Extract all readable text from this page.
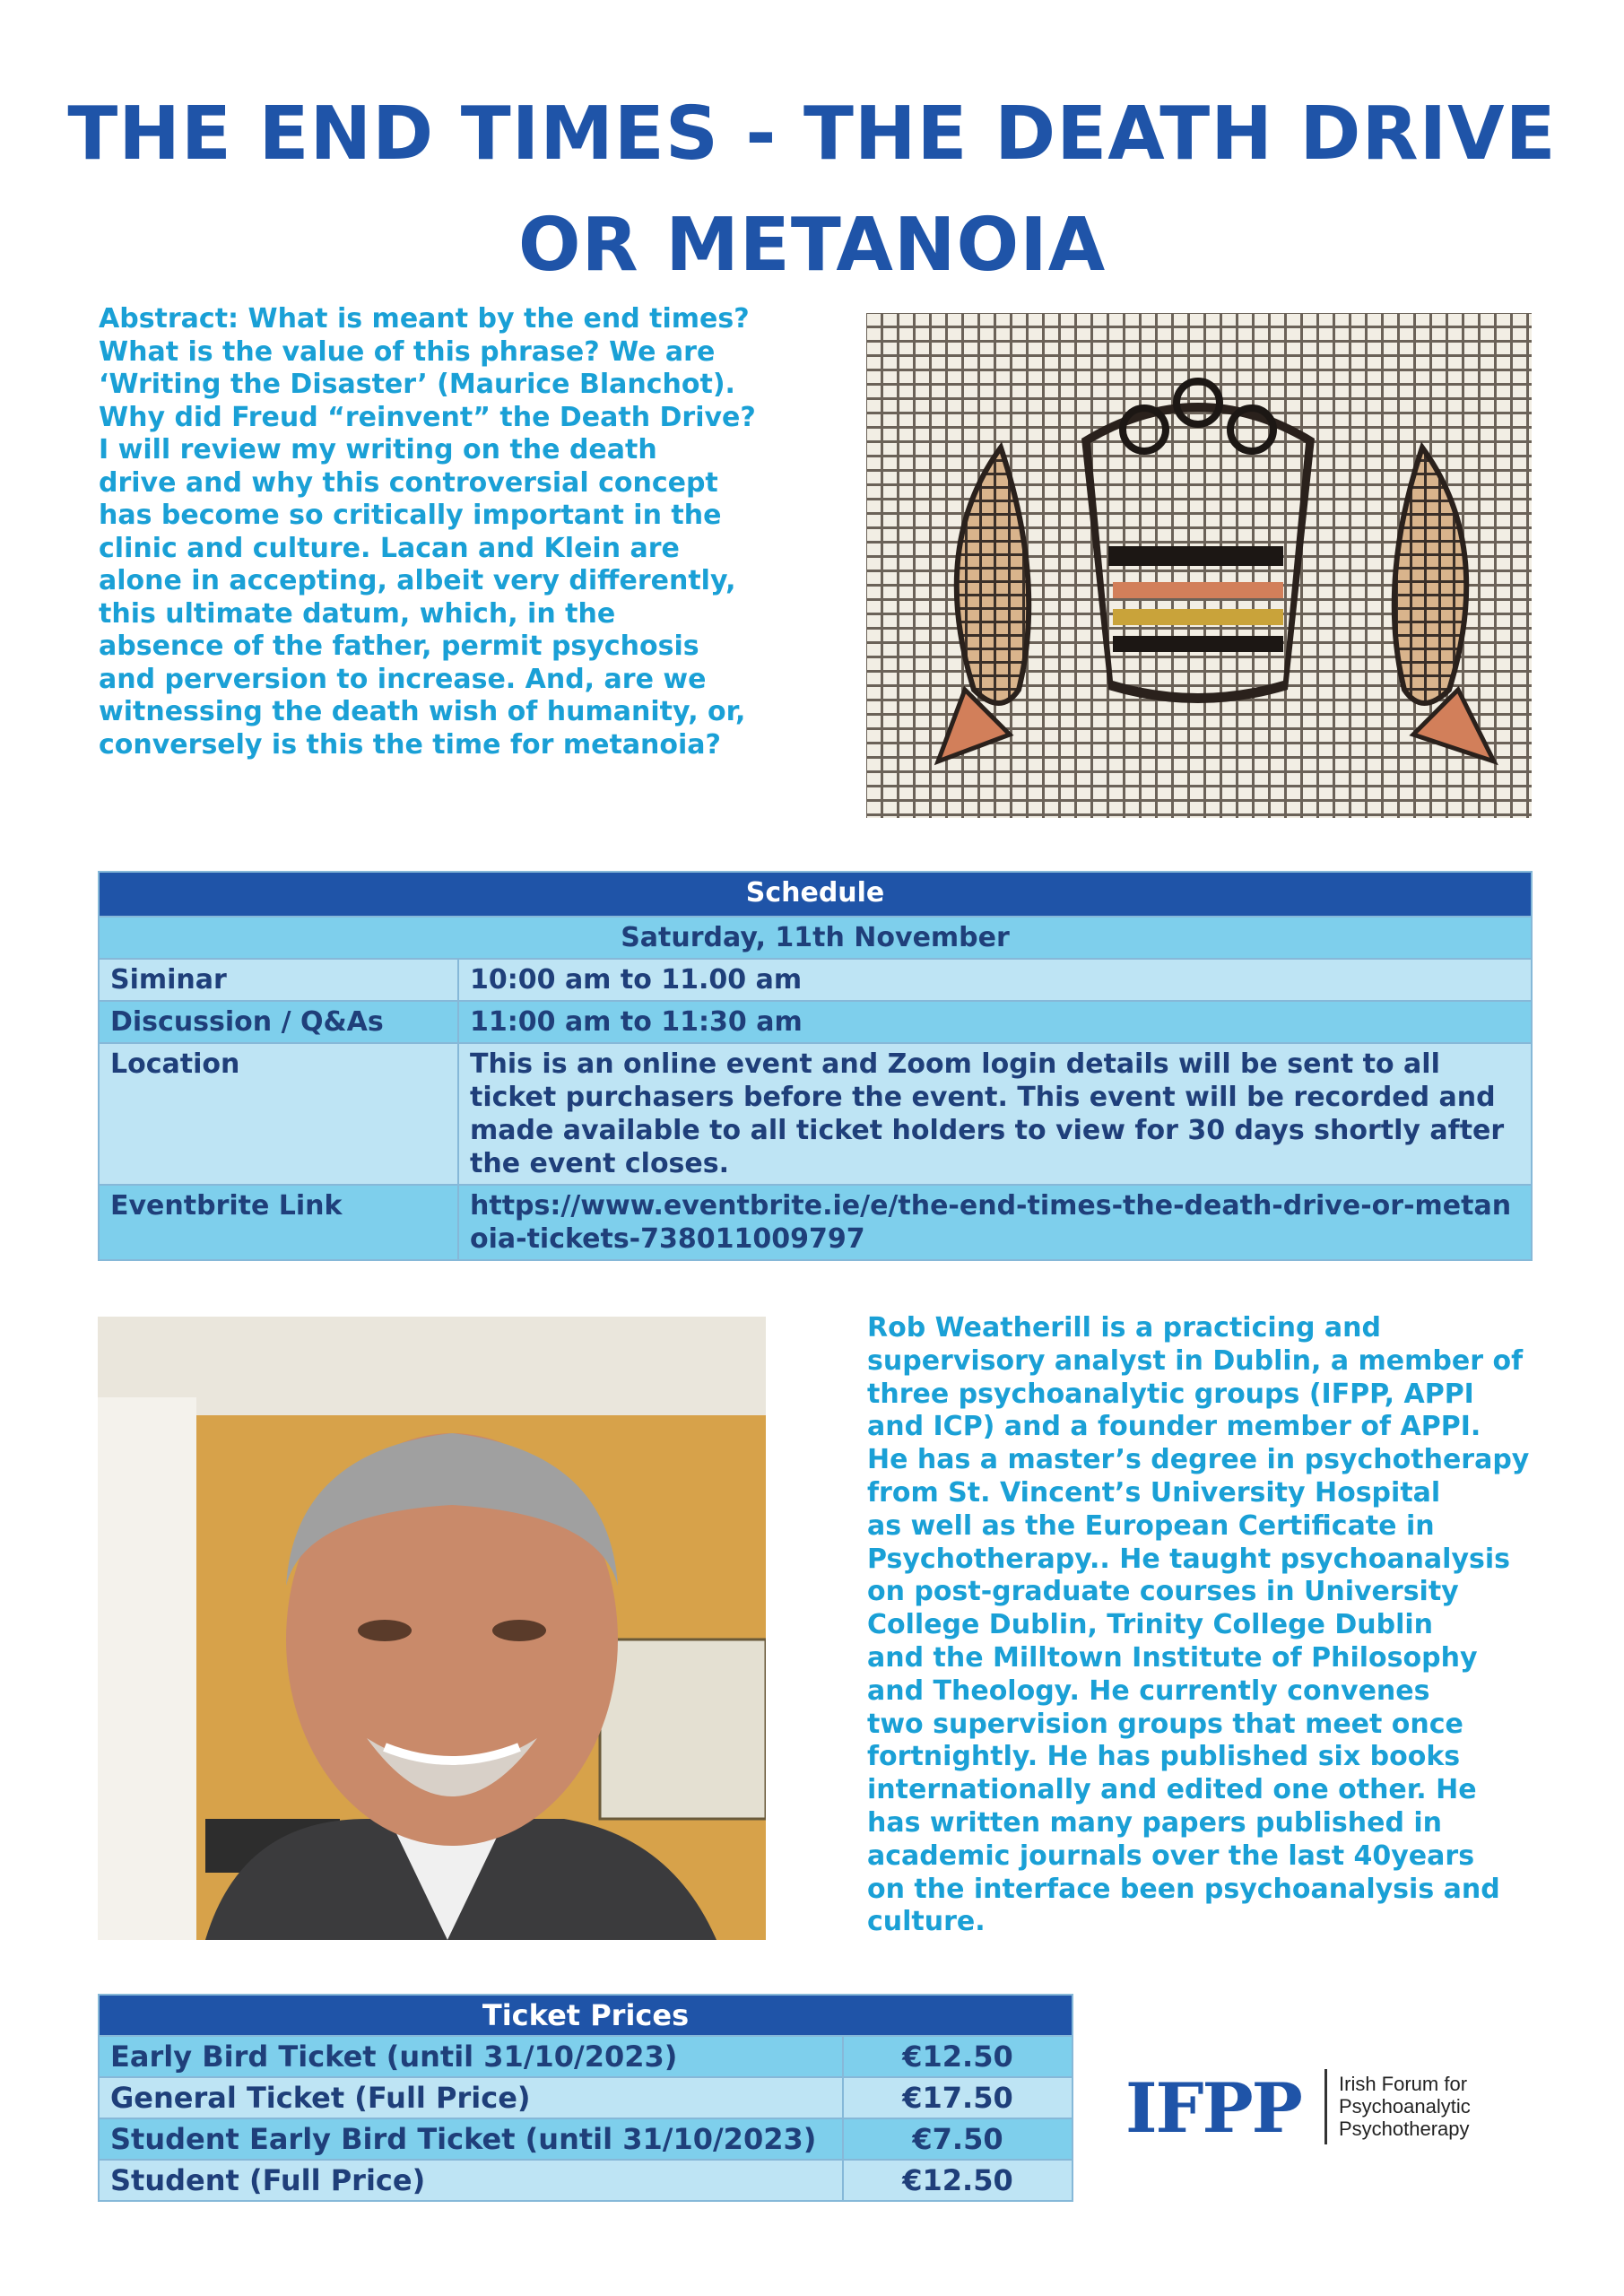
THE END TIMES - THE DEATH DRIVE
OR METANOIA
Abstract: What is meant by the end times?
What is the value of this phrase? We are
‘Writing the Disaster’ (Maurice Blanchot).
Why did Freud “reinvent” the Death Drive?
I will review my writing on the death
drive and why this controversial concept
has become so critically important in the
clinic and culture. Lacan and Klein are
alone in accepting, albeit very differently,
this ultimate datum, which, in the
absence of the father, permit psychosis
and perversion to increase. And, are we
witnessing the death wish of humanity, or,
conversely is this the time for metanoia?
Schedule	
Saturday, 11th November	
Siminar	10:00 am to 11.00 am
Discussion / Q&As	11:00 am to 11:30 am
Location	This is an online event and Zoom login details will be sent to all ticket purchasers before the event. This event will be recorded and made available to all ticket holders to view for 30 days shortly after the event closes.
Eventbrite Link	https://www.eventbrite.ie/e/the-end-times-the-death-drive-or-metanoia-tickets-738011009797
Rob Weatherill is a practicing and
supervisory analyst in Dublin, a member of
three psychoanalytic groups (IFPP, APPI
and ICP) and a founder member of APPI.
He has a master’s degree in psychotherapy
from St. Vincent’s University Hospital
as well as the European Certificate in
Psychotherapy.. He taught psychoanalysis
on post-graduate courses in University
College Dublin, Trinity College Dublin
and the Milltown Institute of Philosophy
and Theology. He currently convenes
two supervision groups that meet once
fortnightly. He has published six books
internationally and edited one other. He
has written many papers published in
academic journals over the last 40years
on the interface been psychoanalysis and
culture.
Ticket Prices	
Early Bird Ticket (until 31/10/2023)	€12.50
General Ticket (Full Price)	€17.50
Student Early Bird Ticket (until 31/10/2023)	€7.50
Student (Full Price)	€12.50
IFPP Irish Forum for
Psychoanalytic
Psychotherapy
